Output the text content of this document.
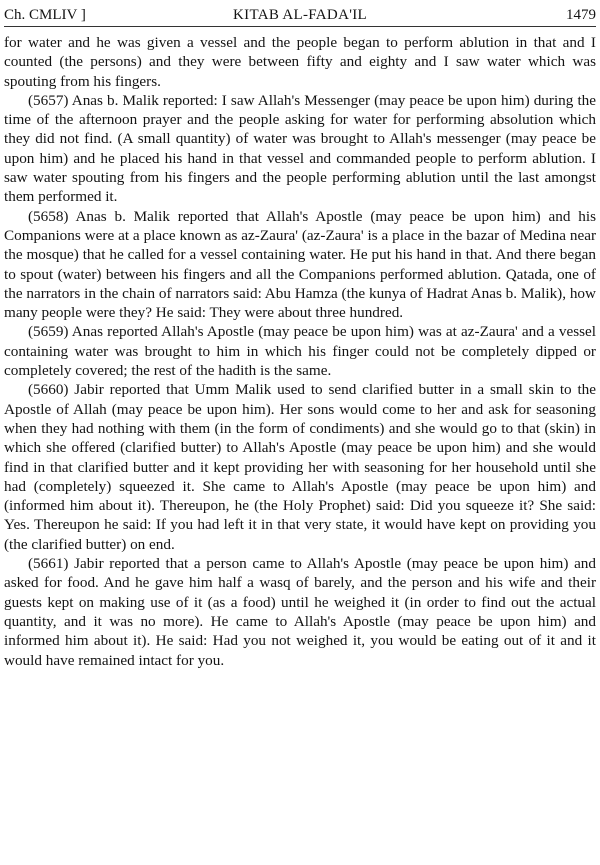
Ch. CMLIV ]	KITAB AL-FADA'IL	1479

for water and he was given a vessel and the people began to perform ablution in that and I counted (the persons) and they were between fifty and eighty and I saw water which was spouting from his fingers.

(5657) Anas b. Malik reported: I saw Allah's Messenger (may peace be upon him) during the time of the afternoon prayer and the people asking for water for performing absolution which they did not find. (A small quantity) of water was brought to Allah's messenger (may peace be upon him) and he placed his hand in that vessel and commanded people to perform ablution. I saw water spouting from his fingers and the people performing ablution until the last amongst them performed it.

(5658) Anas b. Malik reported that Allah's Apostle (may peace be upon him) and his Companions were at a place known as az-Zaura' (az-Zaura' is a place in the bazar of Medina near the mosque) that he called for a vessel containing water. He put his hand in that. And there began to spout (water) between his fingers and all the Companions performed ablution. Qatada, one of the narrators in the chain of narrators said: Abu Hamza (the kunya of Hadrat Anas b. Malik), how many people were they? He said: They were about three hundred.

(5659) Anas reported Allah's Apostle (may peace be upon him) was at az-Zaura' and a vessel containing water was brought to him in which his finger could not be completely dipped or completely covered; the rest of the hadith is the same.

(5660) Jabir reported that Umm Malik used to send clarified butter in a small skin to the Apostle of Allah (may peace be upon him). Her sons would come to her and ask for seasoning when they had nothing with them (in the form of condiments) and she would go to that (skin) in which she offered (clarified butter) to Allah's Apostle (may peace be upon him) and she would find in that clarified butter and it kept providing her with seasoning for her household until she had (completely) squeezed it. She came to Allah's Apostle (may peace be upon him) and (informed him about it). Thereupon, he (the Holy Prophet) said: Did you squeeze it? She said: Yes. Thereupon he said: If you had left it in that very state, it would have kept on providing you (the clarified butter) on end.

(5661) Jabir reported that a person came to Allah's Apostle (may peace be upon him) and asked for food. And he gave him half a wasq of barely, and the person and his wife and their guests kept on making use of it (as a food) until he weighed it (in order to find out the actual quantity, and it was no more). He came to Allah's Apostle (may peace be upon him) and informed him about it). He said: Had you not weighed it, you would be eating out of it and it would have remained intact for you.
